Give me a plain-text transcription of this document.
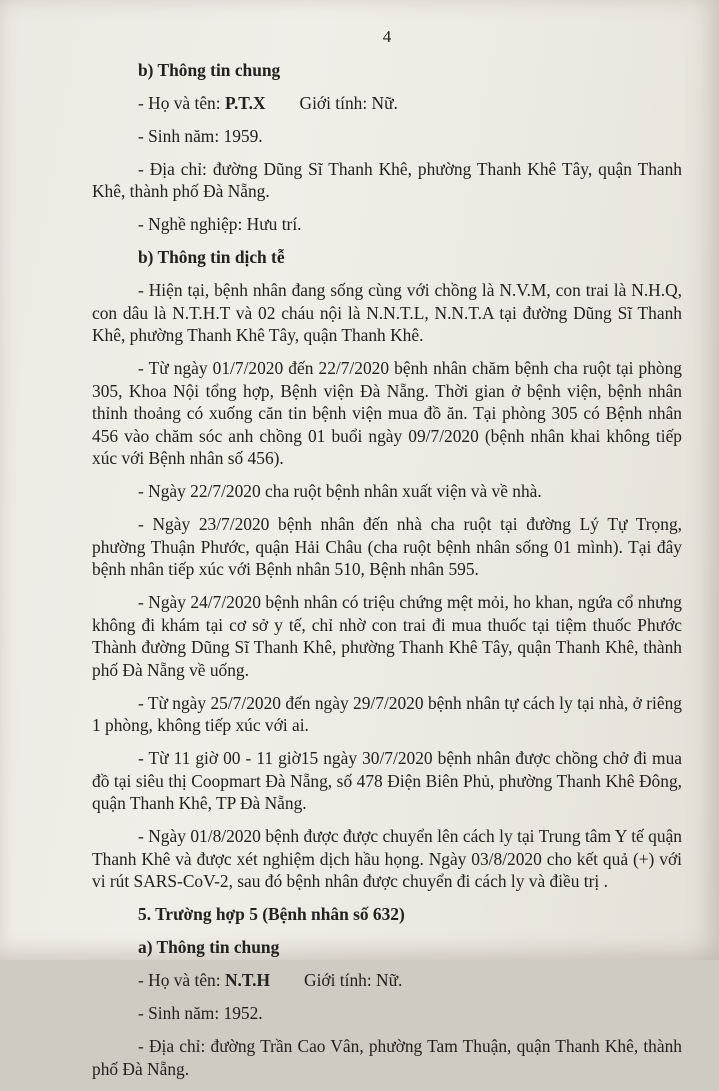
4
b) Thông tin chung
- Họ và tên: P.T.X Giới tính: Nữ.
- Sinh năm: 1959.
- Địa chỉ: đường Dũng Sĩ Thanh Khê, phường Thanh Khê Tây, quận Thanh Khê, thành phố Đà Nẵng.
- Nghề nghiệp: Hưu trí.
b) Thông tin dịch tễ
- Hiện tại, bệnh nhân đang sống cùng với chồng là N.V.M, con trai là N.H.Q, con dâu là N.T.H.T và 02 cháu nội là N.N.T.L, N.N.T.A tại đường Dũng Sĩ Thanh Khê, phường Thanh Khê Tây, quận Thanh Khê.
- Từ ngày 01/7/2020 đến 22/7/2020 bệnh nhân chăm bệnh cha ruột tại phòng 305, Khoa Nội tổng hợp, Bệnh viện Đà Nẵng. Thời gian ở bệnh viện, bệnh nhân thỉnh thoảng có xuống căn tin bệnh viện mua đồ ăn. Tại phòng 305 có Bệnh nhân 456 vào chăm sóc anh chồng 01 buổi ngày 09/7/2020 (bệnh nhân khai không tiếp xúc với Bệnh nhân số 456).
- Ngày 22/7/2020 cha ruột bệnh nhân xuất viện và về nhà.
- Ngày 23/7/2020 bệnh nhân đến nhà cha ruột tại đường Lý Tự Trọng, phường Thuận Phước, quận Hải Châu (cha ruột bệnh nhân sống 01 mình). Tại đây bệnh nhân tiếp xúc với Bệnh nhân 510, Bệnh nhân 595.
- Ngày 24/7/2020 bệnh nhân có triệu chứng mệt mỏi, ho khan, ngứa cổ nhưng không đi khám tại cơ sở y tế, chỉ nhờ con trai đi mua thuốc tại tiệm thuốc Phước Thành đường Dũng Sĩ Thanh Khê, phường Thanh Khê Tây, quận Thanh Khê, thành phố Đà Nẵng về uống.
- Từ ngày 25/7/2020 đến ngày 29/7/2020 bệnh nhân tự cách ly tại nhà, ở riêng 1 phòng, không tiếp xúc với ai.
- Từ 11 giờ 00 - 11 giờ15 ngày 30/7/2020 bệnh nhân được chồng chở đi mua đồ tại siêu thị Coopmart Đà Nẵng, số 478 Điện Biên Phủ, phường Thanh Khê Đông, quận Thanh Khê, TP Đà Nẵng.
- Ngày 01/8/2020 bệnh được được chuyển lên cách ly tại Trung tâm Y tế quận Thanh Khê và được xét nghiệm dịch hầu họng. Ngày 03/8/2020 cho kết quả (+) với vi rút SARS-CoV-2, sau đó bệnh nhân được chuyển đi cách ly và điều trị .
5. Trường hợp 5 (Bệnh nhân số 632)
a) Thông tin chung
- Họ và tên: N.T.H Giới tính: Nữ.
- Sinh năm: 1952.
- Địa chỉ: đường Trần Cao Vân, phường Tam Thuận, quận Thanh Khê, thành phố Đà Nẵng.
